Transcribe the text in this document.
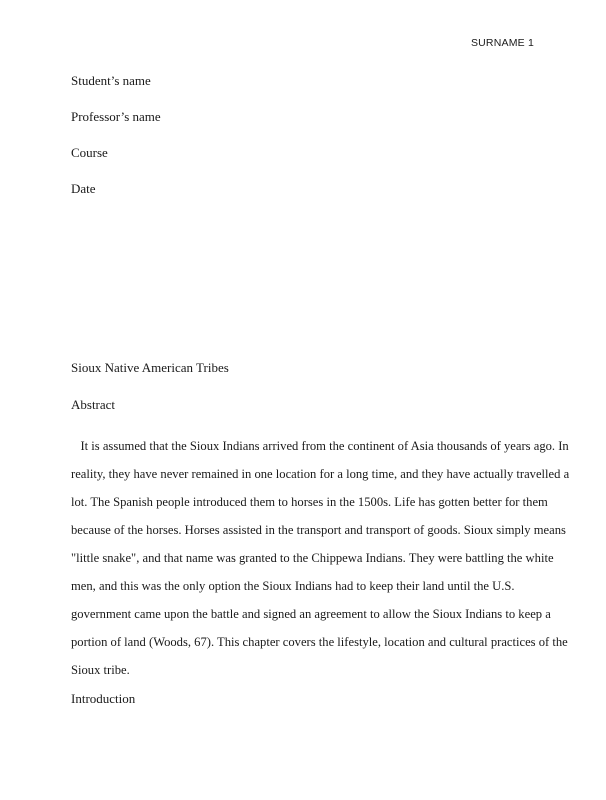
SURNAME 1
Student’s name
Professor’s name
Course
Date
Sioux Native American Tribes
Abstract
It is assumed that the Sioux Indians arrived from the continent of Asia thousands of years ago. In
reality, they have never remained in one location for a long time, and they have actually travelled a
lot. The Spanish people introduced them to horses in the 1500s. Life has gotten better for them
because of the horses. Horses assisted in the transport and transport of goods. Sioux simply means
"little snake", and that name was granted to the Chippewa Indians. They were battling the white
men, and this was the only option the Sioux Indians had to keep their land until the U.S.
government came upon the battle and signed an agreement to allow the Sioux Indians to keep a
portion of land (Woods, 67). This chapter covers the lifestyle, location and cultural practices of the
Sioux tribe.
Introduction
